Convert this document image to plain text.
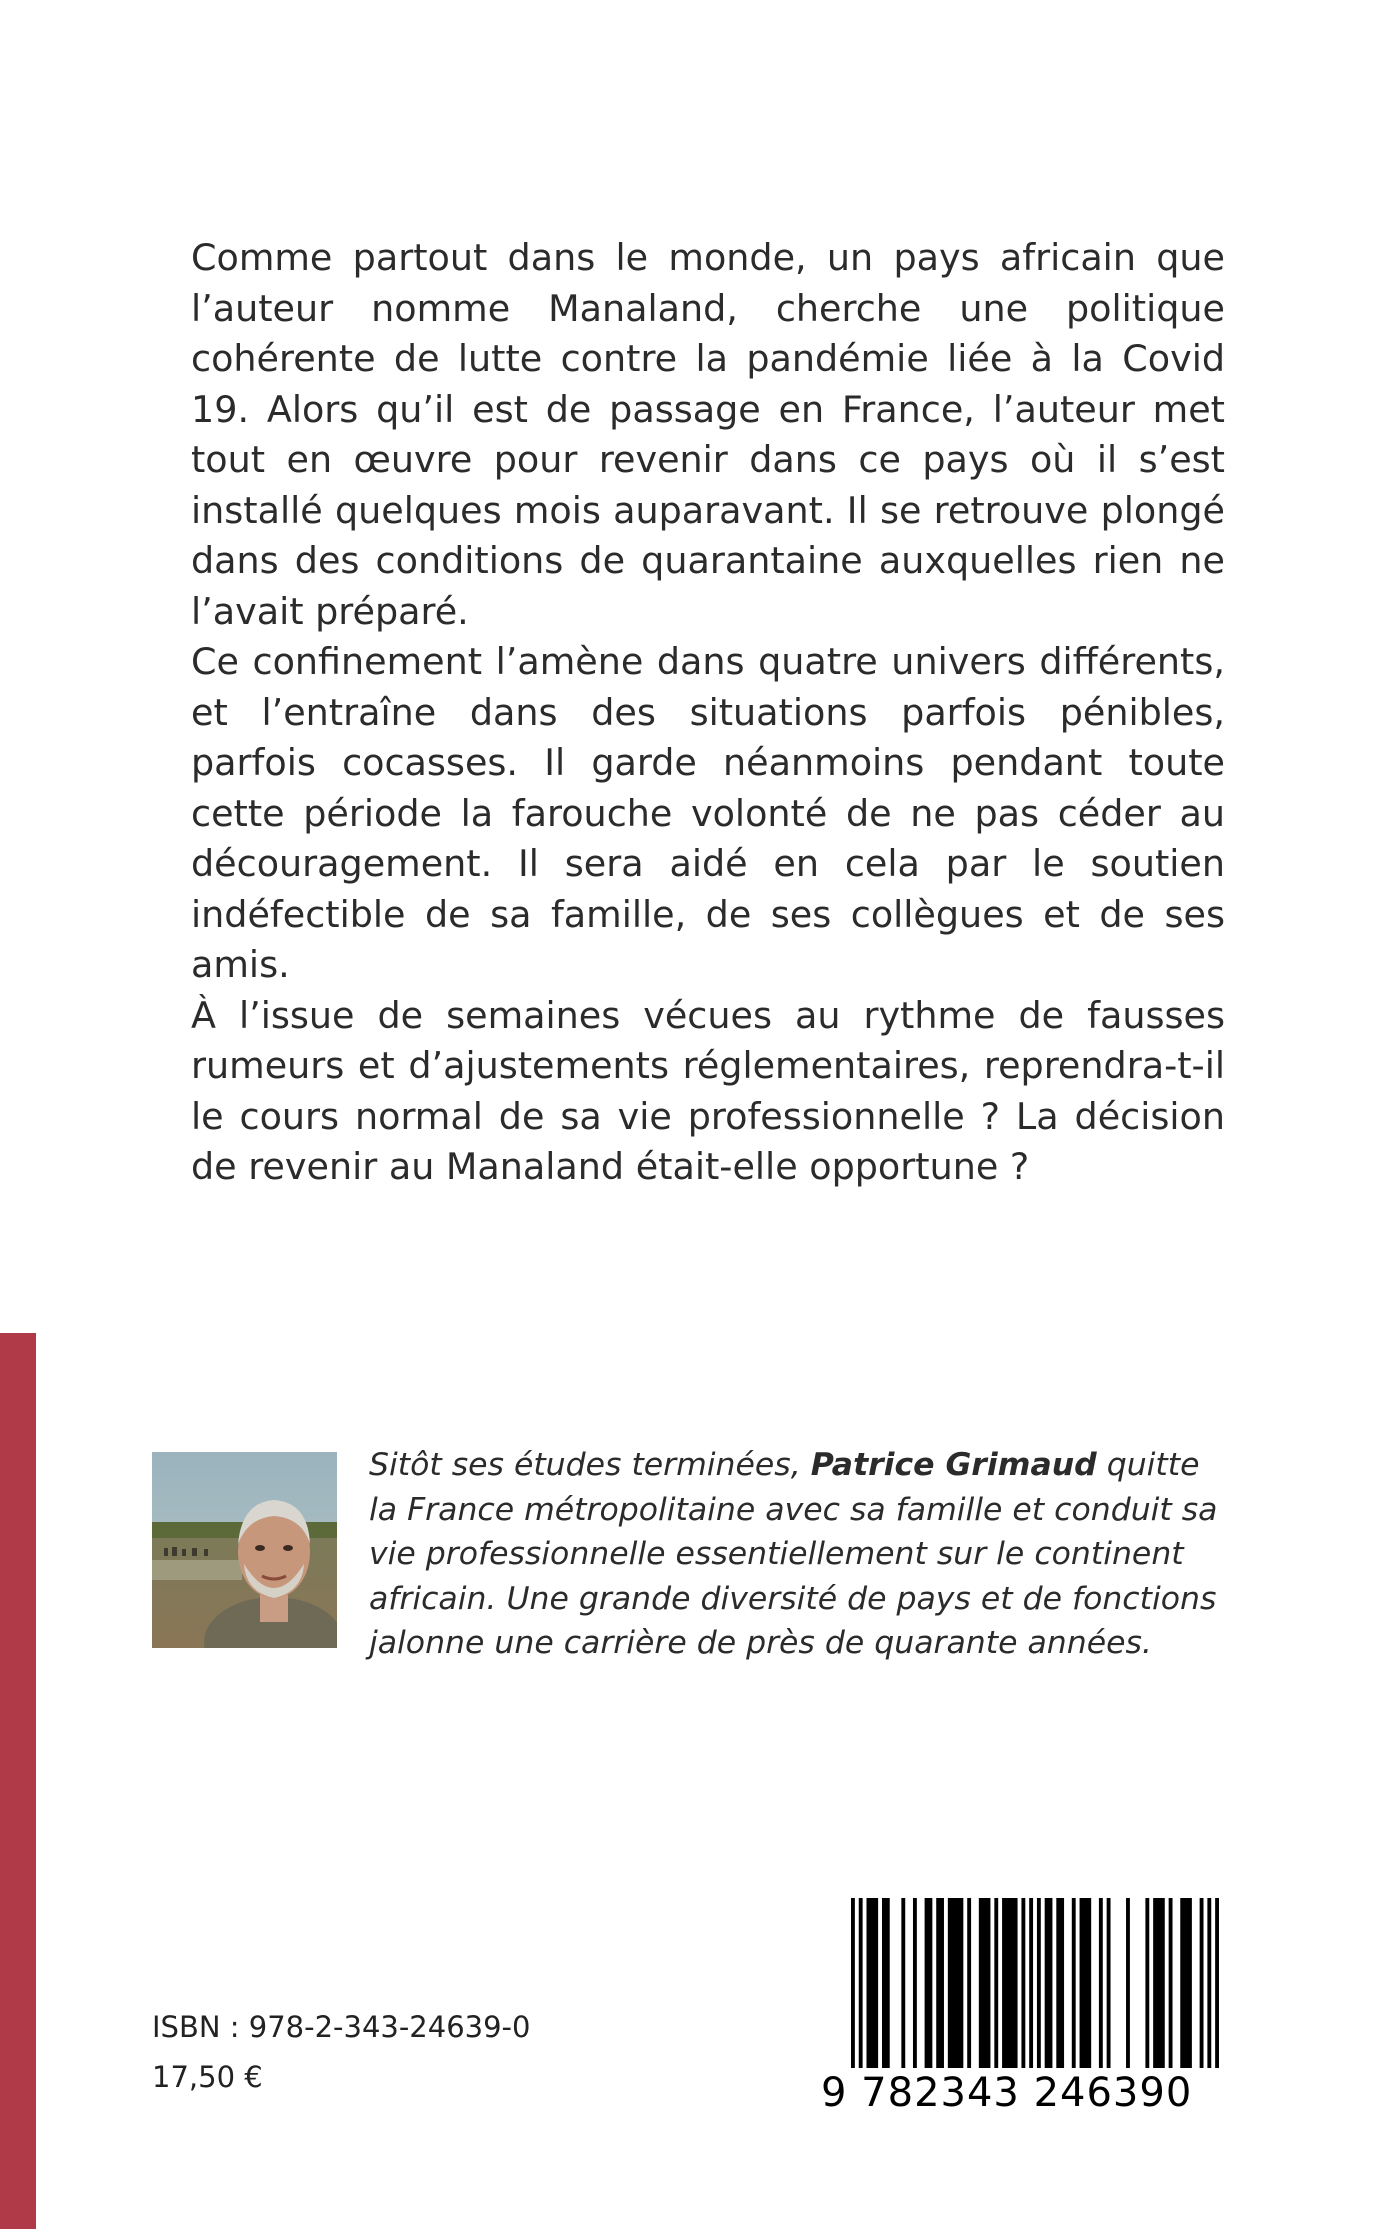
Comme partout dans le monde, un pays africain que l’auteur nomme Manaland, cherche une politique cohérente de lutte contre la pandémie liée à la Covid 19. Alors qu’il est de passage en France, l’auteur met tout en œuvre pour revenir dans ce pays où il s’est installé quelques mois auparavant. Il se retrouve plongé dans des conditions de quarantaine auxquelles rien ne l’avait préparé.

Ce confinement l’amène dans quatre univers différents, et l’entraîne dans des situations parfois pénibles, parfois cocasses. Il garde néanmoins pendant toute cette période la farouche volonté de ne pas céder au découragement. Il sera aidé en cela par le soutien indéfectible de sa famille, de ses collègues et de ses amis.

À l’issue de semaines vécues au rythme de fausses rumeurs et d’ajustements réglementaires, reprendra-t-il le cours normal de sa vie professionnelle ? La décision de revenir au Manaland était-elle opportune ?

Sitôt ses études terminées, Patrice Grimaud quitte la France métropolitaine avec sa famille et conduit sa vie professionnelle essentiellement sur le continent africain. Une grande diversité de pays et de fonctions jalonne une carrière de près de quarante années.
ISBN : 978-2-343-24639-0
17,50 €	9 782343 246390
